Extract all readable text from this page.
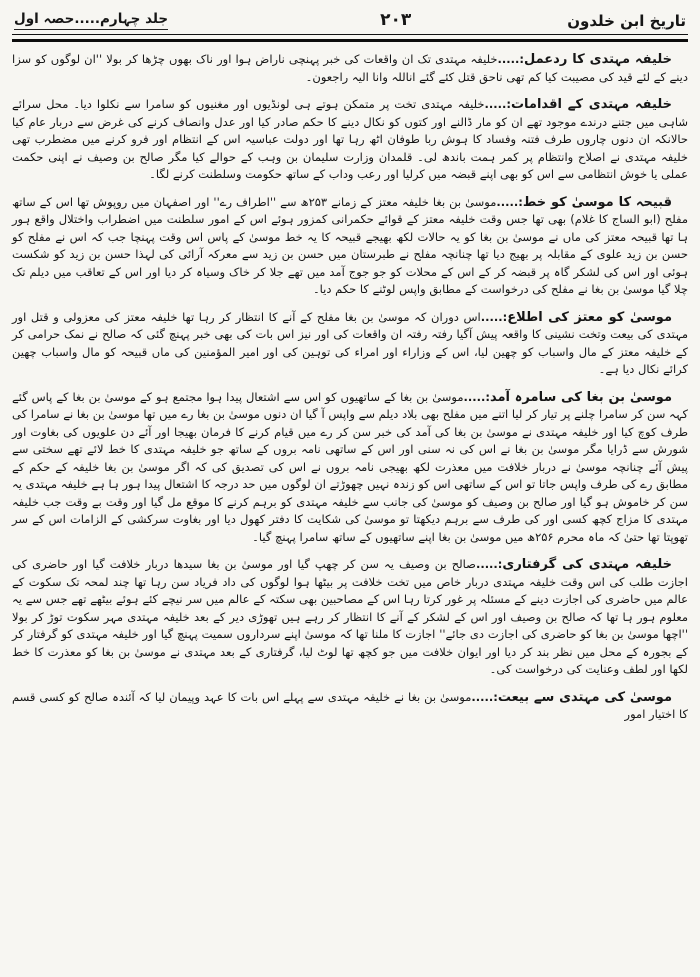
تاریخ ابن خلدون
۲۰۳
جلد چہارم.....حصہ اول

خلیفہ مہتدی کا ردعمل:.....خلیفہ مہتدی تک ان واقعات کی خبر پہنچی ناراض ہوا اور ناک بھوں چڑھا کر بولا ''ان لوگوں کو سزا دینے کے لئے قید کی مصیبت کیا کم تھی ناحق قتل کئے گئے اناللہ وانا الیہ راجعون۔

خلیفہ مہتدی کے اقدامات:.....خلیفہ مہتدی تخت پر متمکن ہوتے ہی لونڈیوں اور مغنیوں کو سامرا سے نکلوا دیا۔ محل سرائے شاہی میں جتنے درندے موجود تھے ان کو مار ڈالنے اور کتوں کو نکال دینے کا حکم صادر کیا اور عدل وانصاف کرنے کی غرض سے دربار عام کیا حالانکہ ان دنوں چاروں طرف فتنہ وفساد کا ہوش ربا طوفان اٹھ رہا تھا اور دولت عباسیہ اس کے انتظام اور فرو کرنے میں مضطرب تھی خلیفہ مہتدی نے اصلاح وانتظام پر کمر ہمت باندھ لی۔ قلمدان وزارت سلیمان بن وہب کے حوالے کیا مگر صالح بن وصیف نے اپنی حکمت عملی یا خوش انتظامی سے اس کو بھی اپنے قبضہ میں کرلیا اور رعب وداب کے ساتھ حکومت وسلطنت کرنے لگا۔

قبیحہ کا موسیٰ کو خط:.....موسیٰ بن بغا خلیفہ معتز کے زمانے ۲۵۳ھ سے ''اطراف رے'' اور اصفہان میں روپوش تھا اس کے ساتھ مفلح (ابو الساج کا غلام) بھی تھا جس وقت خلیفہ معتز کے قوائے حکمرانی کمزور ہوئے اس کے امور سلطنت میں اضطراب واختلال واقع ہور ہا تھا قبیحہ معتز کی ماں نے موسیٰ بن بغا کو یہ حالات لکھ بھیجے قبیحہ کا یہ خط موسیٰ کے پاس اس وقت پہنچا جب کہ اس نے مفلح کو حسن بن زید علوی کے مقابلہ پر بھیج دیا تھا چنانچہ مفلح نے طبرستان میں حسن بن زید سے معرکہ آرائی کی لہذا حسن بن زید کو شکست ہوئی اور اس کی لشکر گاہ پر قبضہ کر کے اس کے محلات کو جو جوج آمد میں تھے جلا کر خاک وسیاہ کر دیا اور اس کے تعاقب میں دیلم تک چلا گیا موسیٰ بن بغا نے مفلح کی درخواست کے مطابق واپس لوٹنے کا حکم دیا۔

موسیٰ کو معتز کی اطلاع:.....اس دوران کہ موسیٰ بن بغا مفلح کے آنے کا انتظار کر رہا تھا خلیفہ معتز کی معزولی و قتل اور مہتدی کی بیعت وتخت نشینی کا واقعہ پیش آگیا رفتہ رفتہ ان واقعات کی اور نیز اس بات کی بھی خبر پہنچ گئی کہ صالح نے نمک حرامی کر کے خلیفہ معتز کے مال واسباب کو چھین لیا، اس کے وزاراء اور امراء کی توہین کی اور امیر المؤمنین کی ماں قبیحہ کو مال واسباب چھین کرائے نکال دیا ہے۔

موسیٰ بن بغا کی سامرہ آمد:.....موسیٰ بن بغا کے ساتھیوں کو اس سے اشتعال پیدا ہوا مجتمع ہو کے موسیٰ بن بغا کے پاس گئے کہہ سن کر سامرا چلنے پر تیار کر لیا اتنے میں مفلح بھی بلاد دیلم سے واپس آ گیا ان دنوں موسیٰ بن بغا رے میں تھا موسیٰ بن بغا نے سامرا کی طرف کوچ کیا اور خلیفہ مہتدی نے موسیٰ بن بغا کی آمد کی خبر سن کر رے میں قیام کرنے کا فرمان بھیجا اور آئے دن علویوں کی بغاوت اور شورش سے ڈرایا مگر موسیٰ بن بغا نے اس کی نہ سنی اور اس کے ساتھی نامہ بروں کے ساتھ جو خلیفہ مہتدی کا خط لائے تھے سختی سے پیش آئے چنانچہ موسیٰ نے دربار خلافت میں معذرت لکھ بھیجی نامہ بروں نے اس کی تصدیق کی کہ اگر موسیٰ بن بغا خلیفہ کے حکم کے مطابق رے کی طرف واپس جاتا تو اس کے ساتھی اس کو زندہ نہیں چھوڑتے ان لوگوں میں حد درجہ کا اشتعال پیدا ہور ہا ہے خلیفہ مہتدی یہ سن کر خاموش ہو گیا اور صالح بن وصیف کو موسیٰ کی جانب سے خلیفہ مہتدی کو برہم کرنے کا موقع مل گیا اور وقت بے وقت جب خلیفہ مہتدی کا مزاج کچھ کسی اور کی طرف سے برہم دیکھتا تو موسیٰ کی شکایت کا دفتر کھول دیا اور بغاوت سرکشی کے الزامات اس کے سر تھوپتا تھا حتیٰ کہ ماہ محرم ۲۵۶ھ میں موسیٰ بن بغا اپنے ساتھیوں کے ساتھ سامرا پہنچ گیا۔

خلیفہ مہتدی کی گرفتاری:.....صالح بن وصیف یہ سن کر چھپ گیا اور موسیٰ بن بغا سیدھا دربار خلافت گیا اور حاضری کی اجازت طلب کی اس وقت خلیفہ مہتدی دربار خاص میں تخت خلافت پر بیٹھا ہوا لوگوں کی داد فریاد سن رہا تھا چند لمحہ تک سکوت کے عالم میں حاضری کی اجازت دینے کے مسئلہ پر غور کرتا رہا اس کے مصاحبین بھی سکتہ کے عالم میں سر نیچے کئے ہوئے بیٹھے تھے جس سے یہ معلوم ہور ہا تھا کہ صالح بن وصیف اور اس کے لشکر کے آنے کا انتظار کر رہے ہیں تھوڑی دیر کے بعد خلیفہ مہتدی مہر سکوت توڑ کر بولا ''اچھا موسیٰ بن بغا کو حاضری کی اجازت دی جائے'' اجازت کا ملنا تھا کہ موسیٰ اپنے سرداروں سمیت پہنچ گیا اور خلیفہ مہتدی کو گرفتار کر کے بجورہ کے محل میں نظر بند کر دیا اور ایوان خلافت میں جو کچھ تھا لوٹ لیا، گرفتاری کے بعد مہتدی نے موسیٰ بن بغا کو معذرت کا خط لکھا اور لطف وعنایت کی درخواست کی۔

موسیٰ کی مہتدی سے بیعت:.....موسیٰ بن بغا نے خلیفہ مہتدی سے پہلے اس بات کا عہد وپیمان لیا کہ آئندہ صالح کو کسی قسم کا اختیار امور
